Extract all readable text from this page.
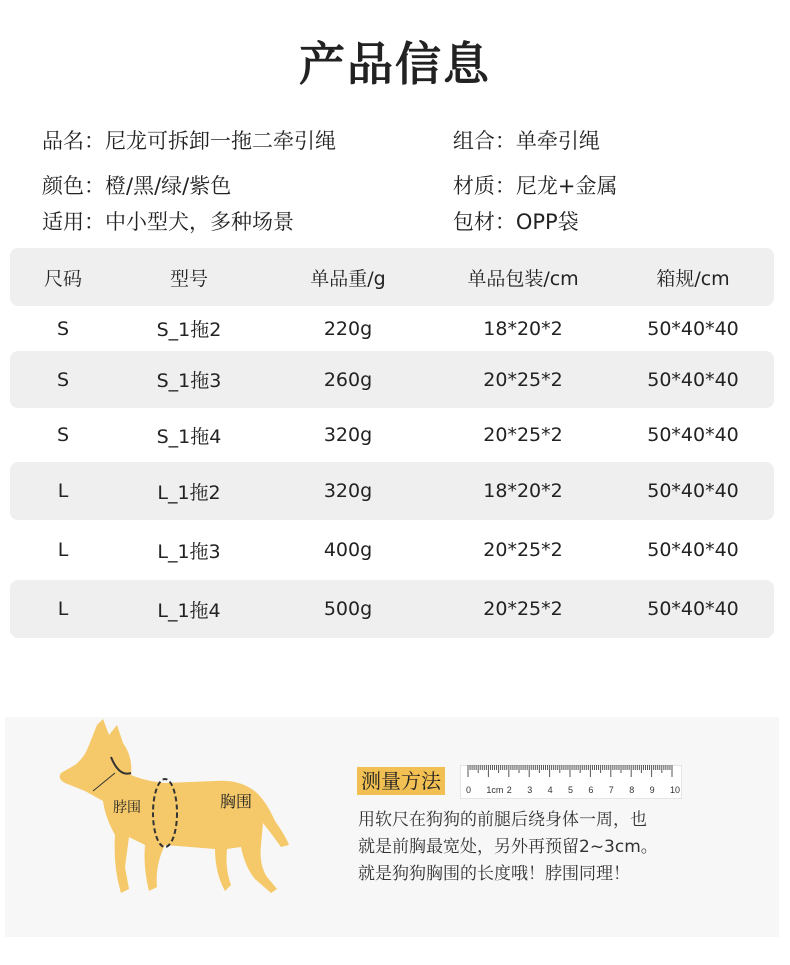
产品信息
品名： 尼龙可拆卸一拖二牵引绳	组合： 单牵引绳
颜色： 橙/黑/绿/紫色	材质： 尼龙+金属
适用： 中小型犬，多种场景	包材： OPP袋
尺码	型号	单品重/g	单品包装/cm	箱规/cm
S	S_1拖2	220g	18*20*2	50*40*40
S	S_1拖3	260g	20*25*2	50*40*40
S	S_1拖4	320g	20*25*2	50*40*40
L	L_1拖2	320g	18*20*2	50*40*40
L	L_1拖3	400g	20*25*2	50*40*40
L	L_1拖4	500g	20*25*2	50*40*40
脖围	胸围
测量方法	0 1cm 2 3 4 5 6 7 8 9 10
用软尺在狗狗的前腿后绕身体一周，也
就是前胸最宽处，另外再预留2~3cm。
就是狗狗胸围的长度哦！脖围同理！
